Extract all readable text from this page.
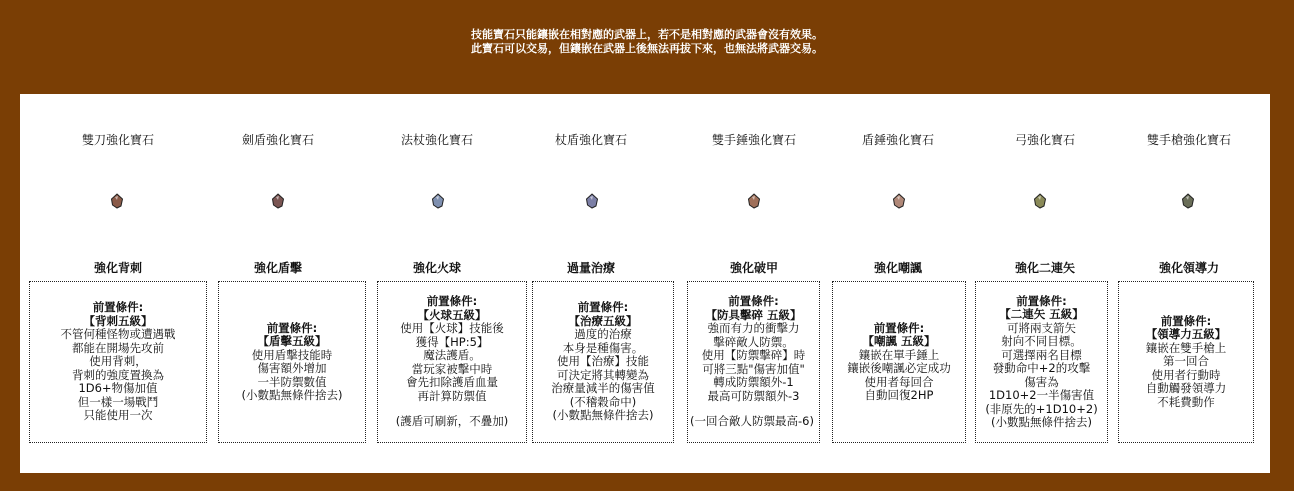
技能寶石只能鑲嵌在相對應的武器上，若不是相對應的武器會沒有效果。
此寶石可以交易，但鑲嵌在武器上後無法再拔下來，也無法將武器交易。
雙刀強化寶石
強化背刺
前置條件:
【背刺五級】
不管何種怪物或遭遇戰
都能在開場先攻前
使用背刺，
背刺的強度置換為
1D6+物傷加值
但一樣一場戰鬥
只能使用一次
劍盾強化寶石
強化盾擊
前置條件:
【盾擊五級】
使用盾擊技能時
傷害額外增加
一半防禦數值
(小數點無條件捨去)
法杖強化寶石
強化火球
前置條件:
【火球五級】
使用【火球】技能後
獲得【HP:5】
魔法護盾。
當玩家被擊中時
會先扣除護盾血量
再計算防禦值
(護盾可刷新，不疊加)
杖盾強化寶石
過量治療
前置條件:
【治療五級】
過度的治療
本身是種傷害。
使用【治療】技能
可決定將其轉變為
治療量減半的傷害值
(不稽穀命中)
(小數點無條件捨去)
雙手錘強化寶石
強化破甲
前置條件:
【防具擊碎 五級】
強而有力的衝擊力
擊碎敵人防禦。
使用【防禦擊碎】時
可將三點"傷害加值"
轉成防禦額外-1
最高可防禦額外-3
(一回合敵人防禦最高-6)
盾錘強化寶石
強化嘲諷
前置條件:
【嘲諷 五級】
鑲嵌在單手錘上
鑲嵌後嘲諷必定成功
使用者每回合
自動回復2HP
弓強化寶石
強化二連矢
前置條件:
【二連矢 五級】
可將兩支箭矢
射向不同目標。
可選擇兩名目標
發動命中+2的攻擊
傷害為
1D10+2一半傷害值
(非原先的+1D10+2)
(小數點無條件捨去)
雙手槍強化寶石
強化領導力
前置條件:
【領導力五級】
鑲嵌在雙手槍上
第一回合
使用者行動時
自動觸發領導力
不耗費動作
